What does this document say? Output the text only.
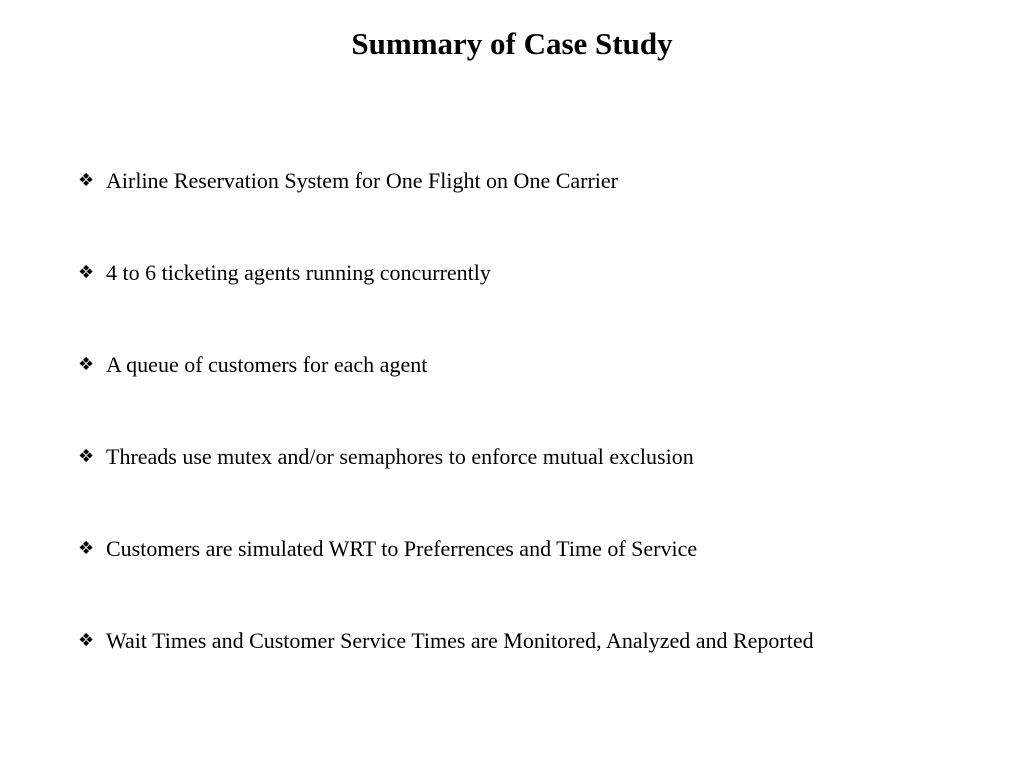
Summary of Case Study
❖ Airline Reservation System for One Flight on One Carrier
❖ 4 to 6 ticketing agents running concurrently
❖ A queue of customers for each agent
❖ Threads use mutex and/or semaphores to enforce mutual exclusion
❖ Customers are simulated WRT to Preferrences and Time of Service
❖ Wait Times and Customer Service Times are Monitored, Analyzed and Reported
